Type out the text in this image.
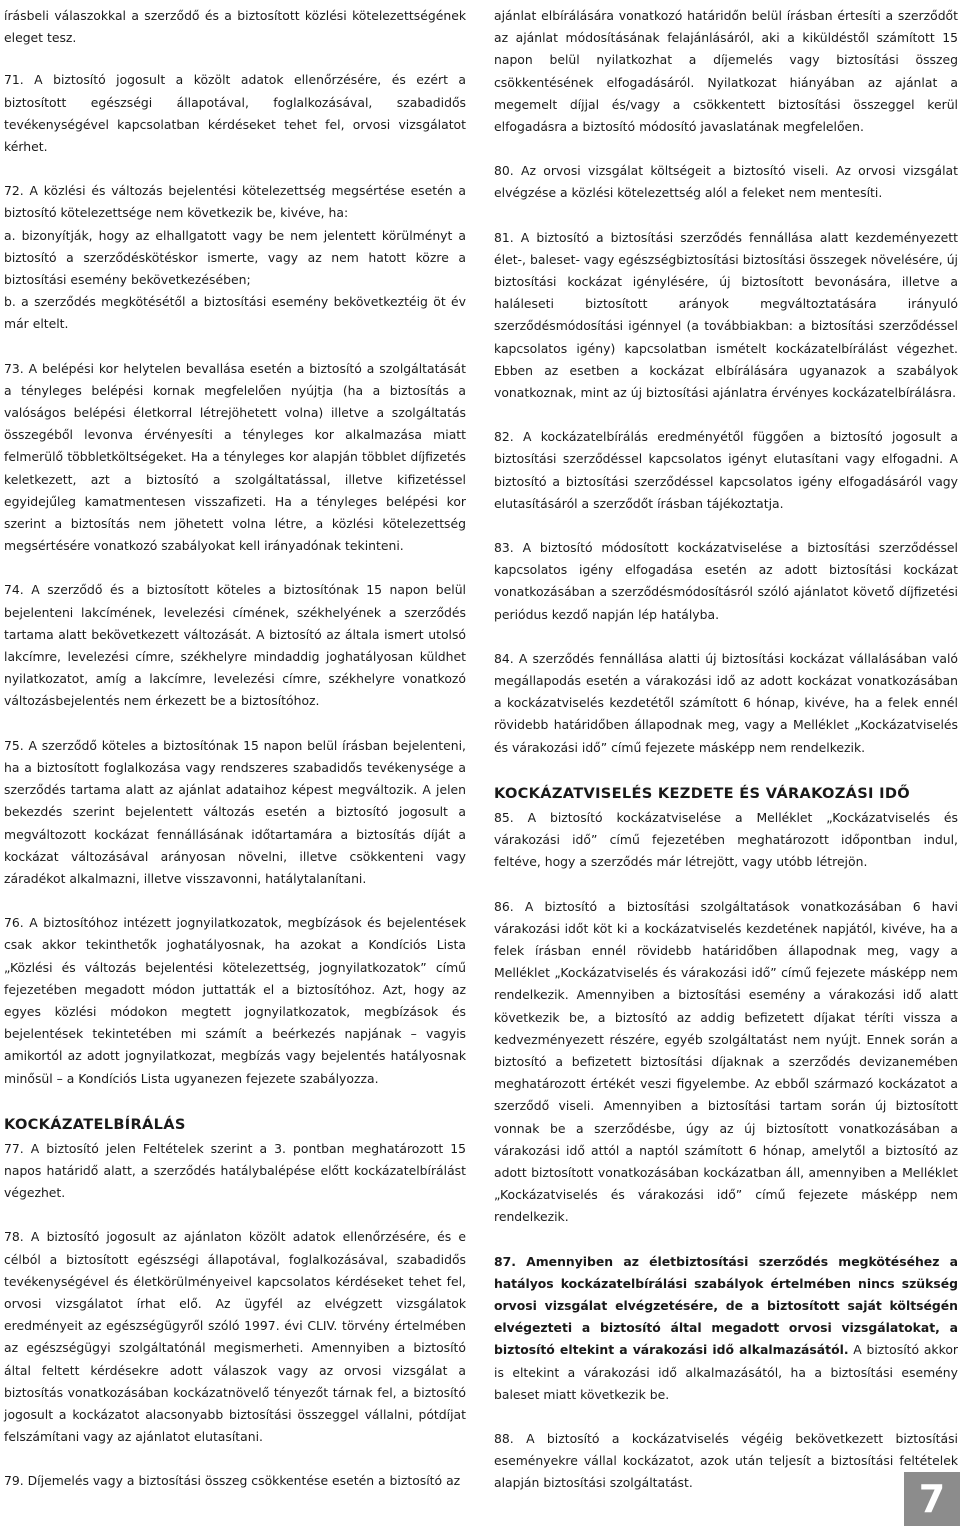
írásbeli válaszokkal a szerződő és a biztosított közlési kötelezettségének eleget tesz.

71. A biztosító jogosult a közölt adatok ellenőrzésére, és ezért a biztosított egészségi állapotával, foglalkozásával, szabadidős tevékenységével kapcsolatban kérdéseket tehet fel, orvosi vizsgálatot kérhet.

72. A közlési és változás bejelentési kötelezettség megsértése esetén a biztosító kötelezettsége nem következik be, kivéve, ha:

a. bizonyítják, hogy az elhallgatott vagy be nem jelentett körülményt a biztosító a szerződéskötéskor ismerte, vagy az nem hatott közre a biztosítási esemény bekövetkezésében;

b. a szerződés megkötésétől a biztosítási esemény bekövetkeztéig öt év már eltelt.

73. A belépési kor helytelen bevallása esetén a biztosító a szolgáltatását a tényleges belépési kornak megfelelően nyújtja (ha a biztosítás a valóságos belépési életkorral létrejöhetett volna) illetve a szolgáltatás összegéből levonva érvényesíti a tényleges kor alkalmazása miatt felmerülő többletköltségeket. Ha a tényleges kor alapján többlet díjfizetés keletkezett, azt a biztosító a szolgáltatással, illetve kifizetéssel egyidejűleg kamatmentesen visszafizeti. Ha a tényleges belépési kor szerint a biztosítás nem jöhetett volna létre, a közlési kötelezettség megsértésére vonatkozó szabályokat kell irányadónak tekinteni.

74. A szerződő és a biztosított köteles a biztosítónak 15 napon belül bejelenteni lakcímének, levelezési címének, székhelyének a szerződés tartama alatt bekövetkezett változását. A biztosító az általa ismert utolsó lakcímre, levelezési címre, székhelyre mindaddig joghatályosan küldhet nyilatkozatot, amíg a lakcímre, levelezési címre, székhelyre vonatkozó változásbejelentés nem érkezett be a biztosítóhoz.

75. A szerződő köteles a biztosítónak 15 napon belül írásban bejelenteni, ha a biztosított foglalkozása vagy rendszeres szabadidős tevékenysége a szerződés tartama alatt az ajánlat adataihoz képest megváltozik. A jelen bekezdés szerint bejelentett változás esetén a biztosító jogosult a megváltozott kockázat fennállásának időtartamára a biztosítás díját a kockázat változásával arányosan növelni, illetve csökkenteni vagy záradékot alkalmazni, illetve visszavonni, hatálytalanítani.

76. A biztosítóhoz intézett jognyilatkozatok, megbízások és bejelentések csak akkor tekinthetők joghatályosnak, ha azokat a Kondíciós Lista „Közlési és változás bejelentési kötelezettség, jognyilatkozatok” című fejezetében megadott módon juttatták el a biztosítóhoz. Azt, hogy az egyes közlési módokon megtett jognyilatkozatok, megbízások és bejelentések tekintetében mi számít a beérkezés napjának – vagyis amikortól az adott jognyilatkozat, megbízás vagy bejelentés hatályosnak minősül – a Kondíciós Lista ugyanezen fejezete szabályozza.

KOCKÁZATELBÍRÁLÁS

77. A biztosító jelen Feltételek szerint a 3. pontban meghatározott 15 napos határidő alatt, a szerződés hatálybalépése előtt kockázatelbírálást végezhet.

78. A biztosító jogosult az ajánlaton közölt adatok ellenőrzésére, és e célból a biztosított egészségi állapotával, foglalkozásával, szabadidős tevékenységével és életkörülményeivel kapcsolatos kérdéseket tehet fel, orvosi vizsgálatot írhat elő. Az ügyfél az elvégzett vizsgálatok eredményeit az egészségügyről szóló 1997. évi CLIV. törvény értelmében az egészségügyi szolgáltatónál megismerheti. Amennyiben a biztosító által feltett kérdésekre adott válaszok vagy az orvosi vizsgálat a biztosítás vonatkozásában kockázatnövelő tényezőt tárnak fel, a biztosító jogosult a kockázatot alacsonyabb biztosítási összeggel vállalni, pótdíjat felszámítani vagy az ajánlatot elutasítani.

79. Díjemelés vagy a biztosítási összeg csökkentése esetén a biztosító az

ajánlat elbírálására vonatkozó határidőn belül írásban értesíti a szerződőt az ajánlat módosításának felajánlásáról, aki a kiküldéstől számított 15 napon belül nyilatkozhat a díjemelés vagy biztosítási összeg csökkentésének elfogadásáról. Nyilatkozat hiányában az ajánlat a megemelt díjjal és/vagy a csökkentett biztosítási összeggel kerül elfogadásra a biztosító módosító javaslatának megfelelően.

80. Az orvosi vizsgálat költségeit a biztosító viseli. Az orvosi vizsgálat elvégzése a közlési kötelezettség alól a feleket nem mentesíti.

81. A biztosító a biztosítási szerződés fennállása alatt kezdeményezett élet-, baleset- vagy egészségbiztosítási biztosítási összegek növelésére, új biztosítási kockázat igénylésére, új biztosított bevonására, illetve a haláleseti biztosított arányok megváltoztatására irányuló szerződésmódosítási igénnyel (a továbbiakban: a biztosítási szerződéssel kapcsolatos igény) kapcsolatban ismételt kockázatelbírálást végezhet. Ebben az esetben a kockázat elbírálására ugyanazok a szabályok vonatkoznak, mint az új biztosítási ajánlatra érvényes kockázatelbírálásra.

82. A kockázatelbírálás eredményétől függően a biztosító jogosult a biztosítási szerződéssel kapcsolatos igényt elutasítani vagy elfogadni. A biztosító a biztosítási szerződéssel kapcsolatos igény elfogadásáról vagy elutasításáról a szerződőt írásban tájékoztatja.

83. A biztosító módosított kockázatviselése a biztosítási szerződéssel kapcsolatos igény elfogadása esetén az adott biztosítási kockázat vonatkozásában a szerződésmódosításról szóló ajánlatot követő díjfizetési periódus kezdő napján lép hatályba.

84. A szerződés fennállása alatti új biztosítási kockázat vállalásában való megállapodás esetén a várakozási idő az adott kockázat vonatkozásában a kockázatviselés kezdetétől számított 6 hónap, kivéve, ha a felek ennél rövidebb határidőben állapodnak meg, vagy a Melléklet „Kockázatviselés és várakozási idő” című fejezete másképp nem rendelkezik.

KOCKÁZATVISELÉS KEZDETE ÉS VÁRAKOZÁSI IDŐ

85. A biztosító kockázatviselése a Melléklet „Kockázatviselés és várakozási idő” című fejezetében meghatározott időpontban indul, feltéve, hogy a szerződés már létrejött, vagy utóbb létrejön.

86. A biztosító a biztosítási szolgáltatások vonatkozásában 6 havi várakozási időt köt ki a kockázatviselés kezdetének napjától, kivéve, ha a felek írásban ennél rövidebb határidőben állapodnak meg, vagy a Melléklet „Kockázatviselés és várakozási idő” című fejezete másképp nem rendelkezik. Amennyiben a biztosítási esemény a várakozási idő alatt következik be, a biztosító az addig befizetett díjakat téríti vissza a kedvezményezett részére, egyéb szolgáltatást nem nyújt. Ennek során a biztosító a befizetett biztosítási díjaknak a szerződés devizanemében meghatározott értékét veszi figyelembe. Az ebből származó kockázatot a szerződő viseli. Amennyiben a biztosítási tartam során új biztosított vonnak be a szerződésbe, úgy az új biztosított vonatkozásában a várakozási idő attól a naptól számított 6 hónap, amelytől a biztosító az adott biztosított vonatkozásában kockázatban áll, amennyiben a Melléklet „Kockázatviselés és várakozási idő” című fejezete másképp nem rendelkezik.

87. Amennyiben az életbiztosítási szerződés megkötéséhez a hatályos kockázatelbírálási szabályok értelmében nincs szükség orvosi vizsgálat elvégzetésére, de a biztosított saját költségén elvégezteti a biztosító által megadott orvosi vizsgálatokat, a biztosító eltekint a várakozási idő alkalmazásától. A biztosító akkor is eltekint a várakozási idő alkalmazásától, ha a biztosítási esemény baleset miatt következik be.

88. A biztosító a kockázatviselés végéig bekövetkezett biztosítási eseményekre vállal kockázatot, azok után teljesít a biztosítási feltételek alapján biztosítási szolgáltatást.	7
